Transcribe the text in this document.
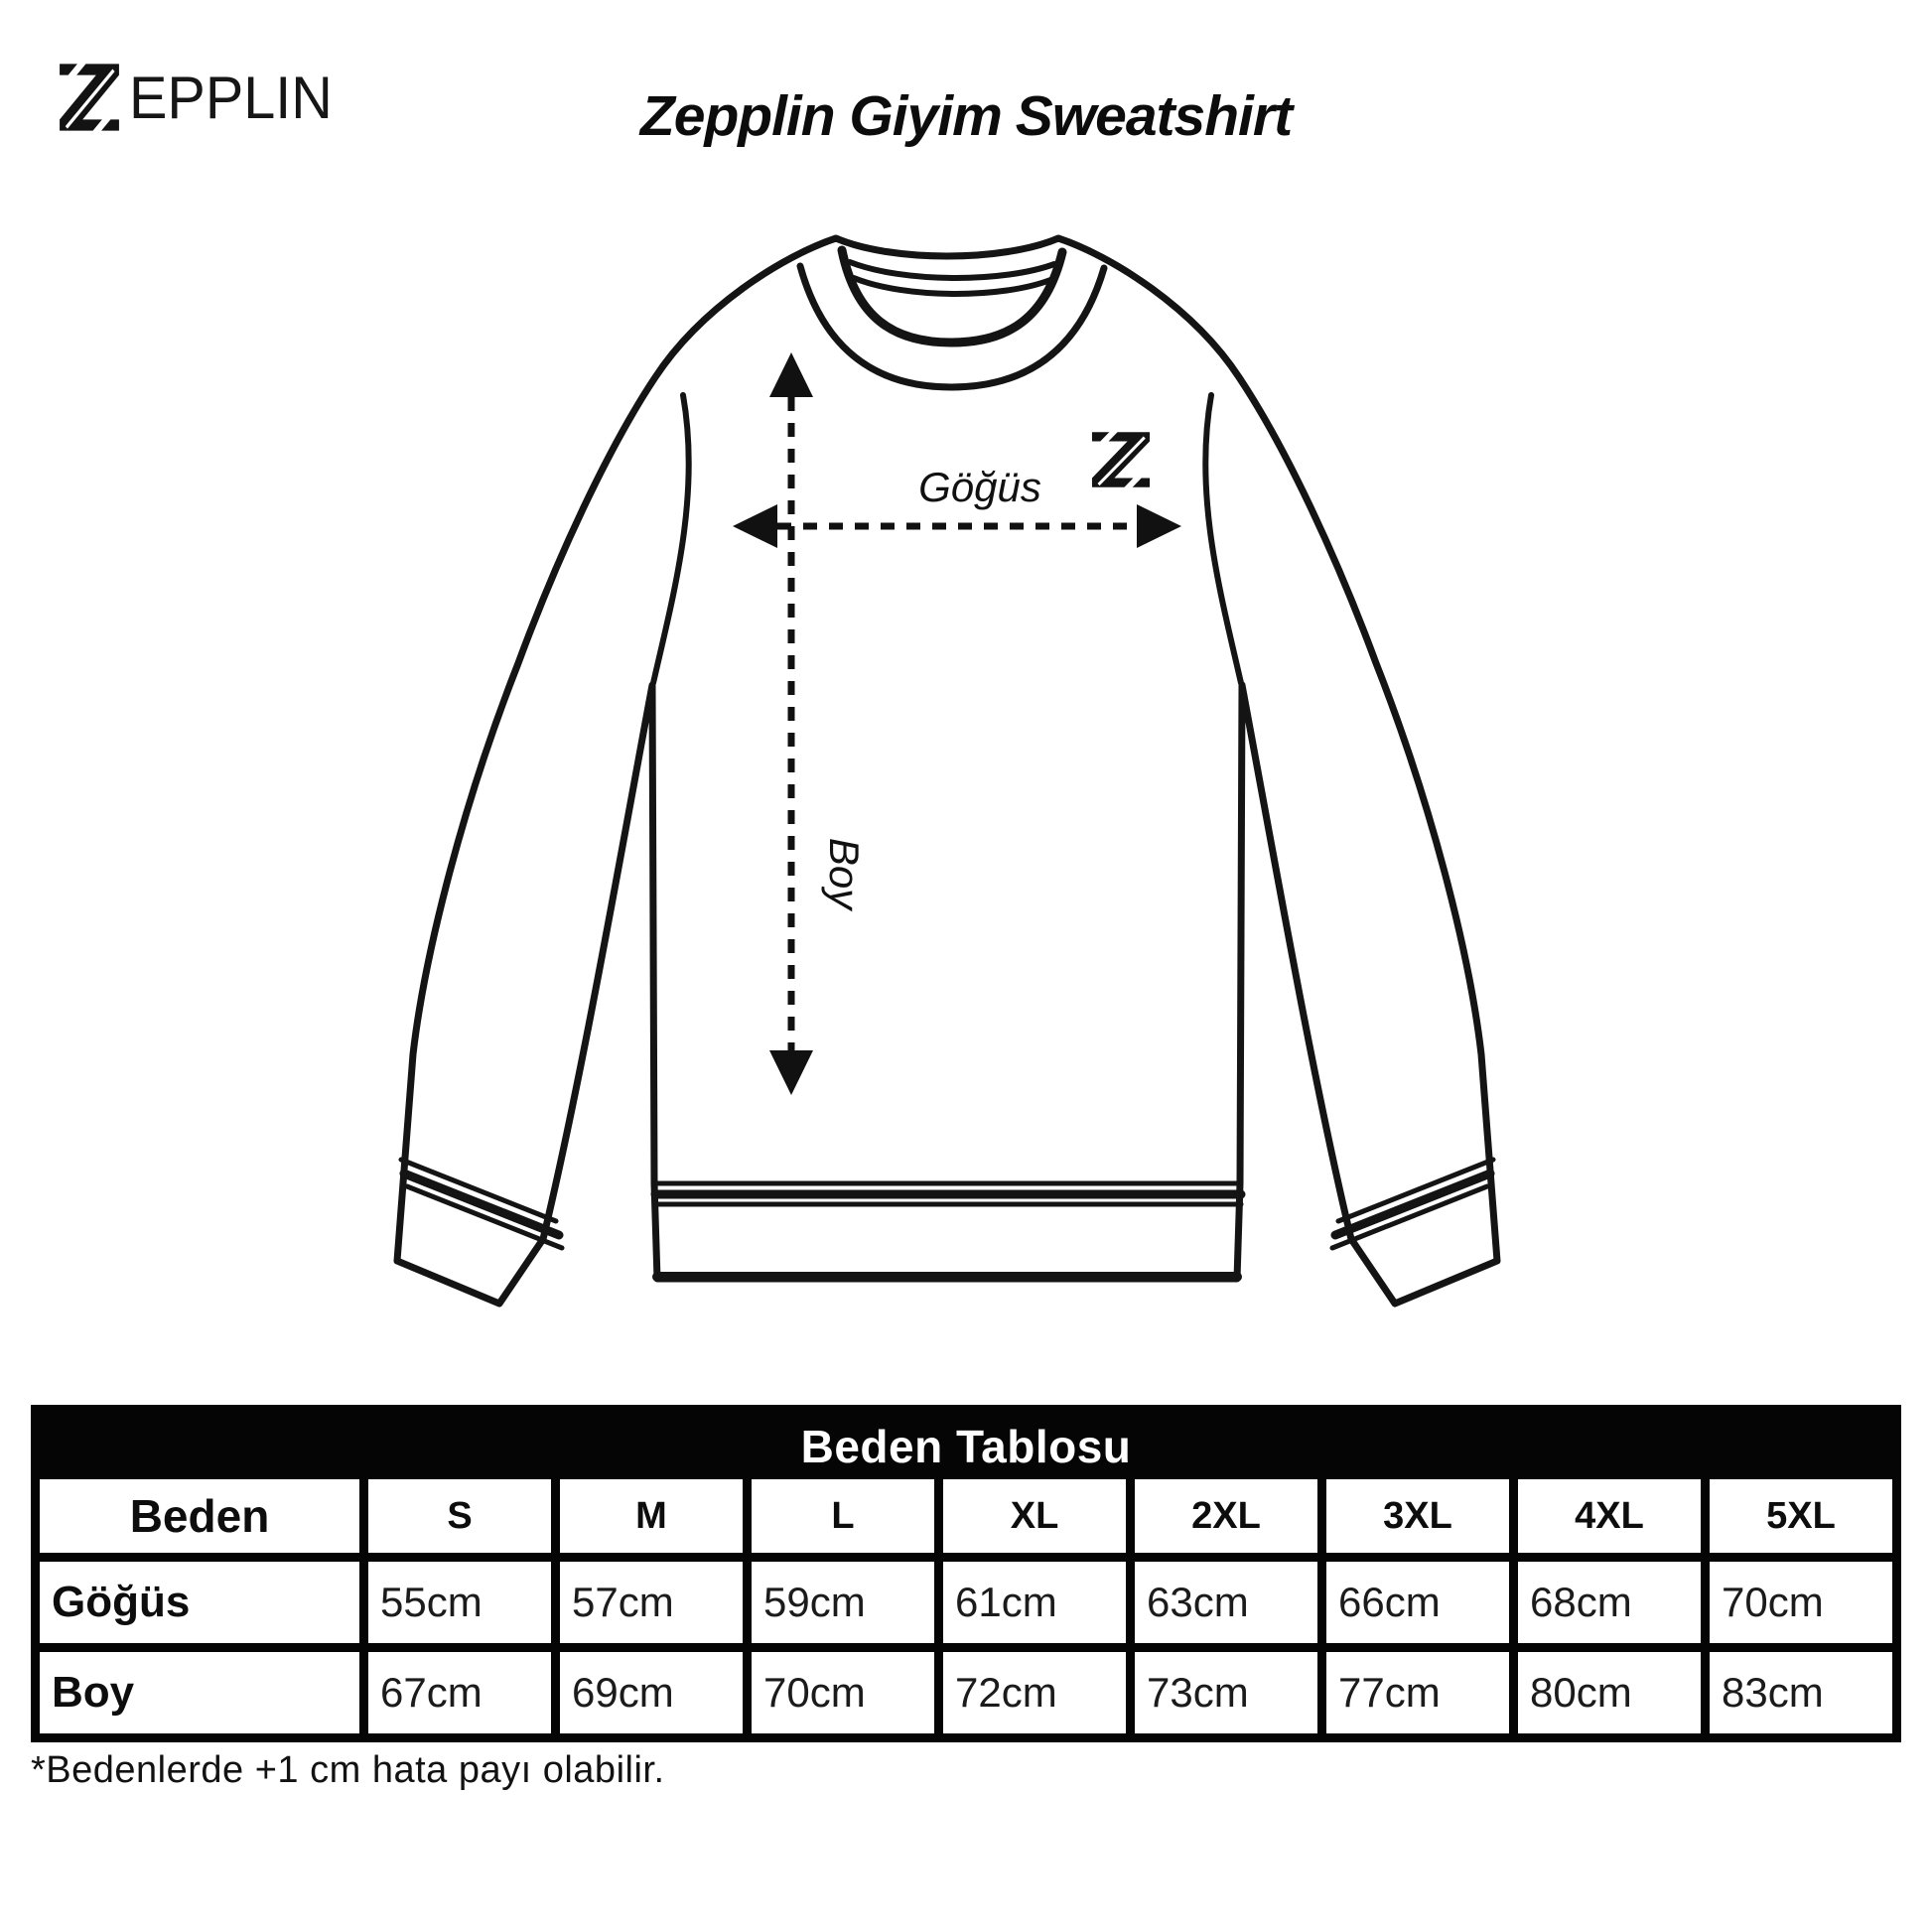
EPPLIN	Zepplin Giyim Sweatshirt
Göğüs
Boy
Beden Tablosu
Beden	S	M	L	XL	2XL	3XL	4XL	5XL
Göğüs	55cm	57cm	59cm	61cm	63cm	66cm	68cm	70cm
Boy	67cm	69cm	70cm	72cm	73cm	77cm	80cm	83cm

*Bedenlerde +1 cm hata payı olabilir.
